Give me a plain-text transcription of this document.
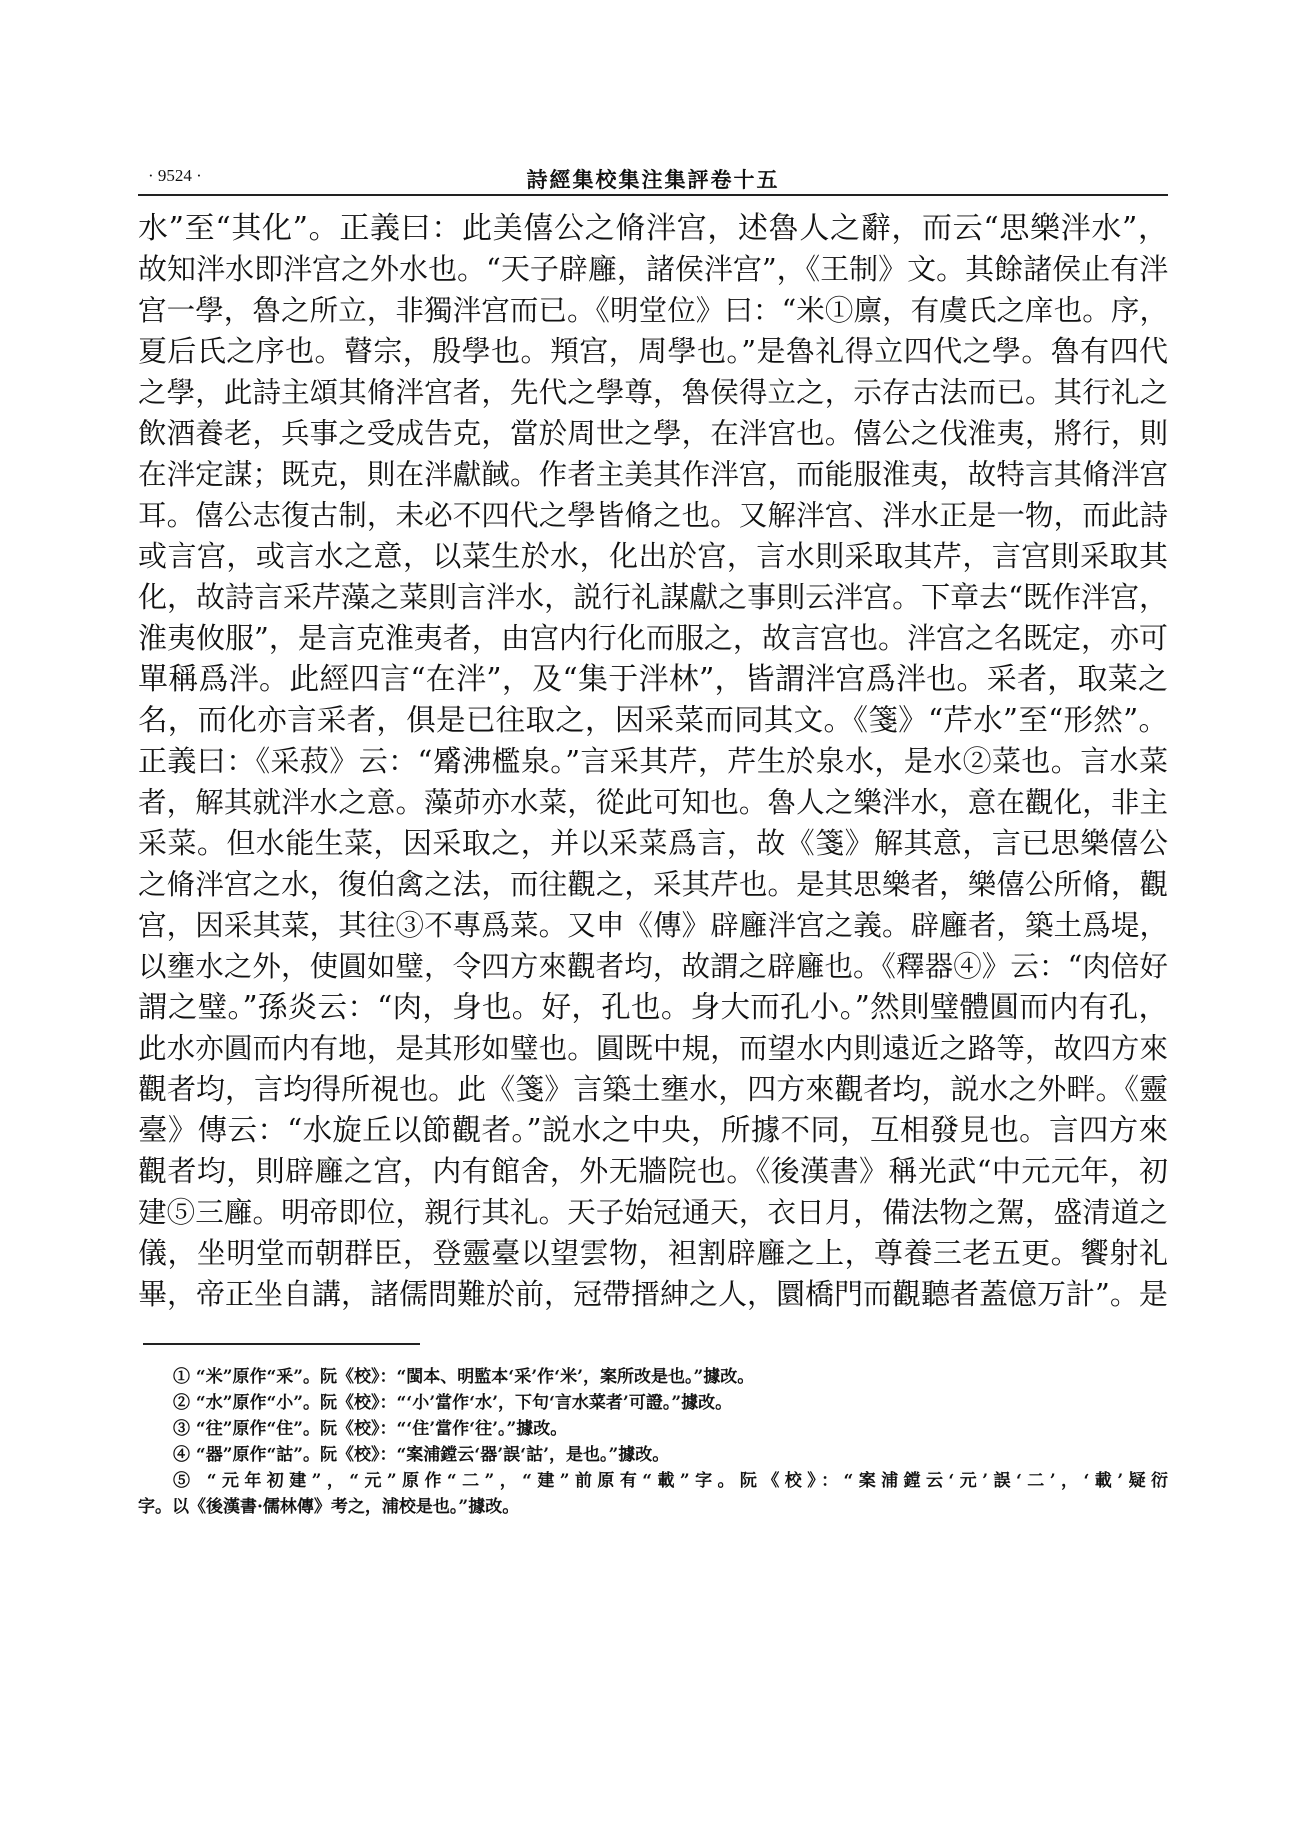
· 9524 ·	詩經集校集注集評卷十五
水”至“其化”。正義曰：此美僖公之脩泮宫，述魯人之辭，而云“思樂泮水”，
故知泮水即泮宫之外水也。“天子辟廱，諸侯泮宫”，《王制》文。其餘諸侯止有泮
宫一學，魯之所立，非獨泮宫而已。《明堂位》曰：“米①廪，有虞氏之庠也。序，
夏后氏之序也。瞽宗，殷學也。頖宫，周學也。”是魯礼得立四代之學。魯有四代
之學，此詩主頌其脩泮宫者，先代之學尊，魯侯得立之，示存古法而已。其行礼之
飲酒養老，兵事之受成告克，當於周世之學，在泮宫也。僖公之伐淮夷，將行，則
在泮定謀；既克，則在泮獻馘。作者主美其作泮宫，而能服淮夷，故特言其脩泮宫
耳。僖公志復古制，未必不四代之學皆脩之也。又解泮宫、泮水正是一物，而此詩
或言宫，或言水之意，以菜生於水，化出於宫，言水則采取其芹，言宫則采取其
化，故詩言采芹藻之菜則言泮水，説行礼謀獻之事則云泮宫。下章去“既作泮宫，
淮夷攸服”，是言克淮夷者，由宫内行化而服之，故言宫也。泮宫之名既定，亦可
單稱爲泮。此經四言“在泮”，及“集于泮林”，皆謂泮宫爲泮也。采者，取菜之
名，而化亦言采者，俱是已往取之，因采菜而同其文。《箋》“芹水”至“形然”。
正義曰：《采菽》云：“觱沸檻泉。”言采其芹，芹生於泉水，是水②菜也。言水菜
者，解其就泮水之意。藻茆亦水菜，從此可知也。魯人之樂泮水，意在觀化，非主
采菜。但水能生菜，因采取之，并以采菜爲言，故《箋》解其意，言已思樂僖公
之脩泮宫之水，復伯禽之法，而往觀之，采其芹也。是其思樂者，樂僖公所脩，觀
宫，因采其菜，其往③不專爲菜。又申《傳》辟廱泮宫之義。辟廱者，築土爲堤，
以壅水之外，使圓如璧，令四方來觀者均，故謂之辟廱也。《釋器④》云：“肉倍好
謂之璧。”孫炎云：“肉，身也。好，孔也。身大而孔小。”然則璧體圓而内有孔，
此水亦圓而内有地，是其形如璧也。圓既中規，而望水内則遠近之路等，故四方來
觀者均，言均得所視也。此《箋》言築土壅水，四方來觀者均，説水之外畔。《靈
臺》傳云：“水旋丘以節觀者。”説水之中央，所據不同，互相發見也。言四方來
觀者均，則辟廱之宫，内有館舍，外无牆院也。《後漢書》稱光武“中元元年，初
建⑤三廱。明帝即位，親行其礼。天子始冠通天，衣日月，備法物之駕，盛清道之
儀，坐明堂而朝群臣，登靈臺以望雲物，袒割辟廱之上，尊養三老五更。饗射礼
畢，帝正坐自講，諸儒問難於前，冠帶搢紳之人，圜橋門而觀聽者蓋億万計”。是
① “米”原作“釆”。阮《校》：“閩本、明監本‘采’作‘米’，案所改是也。”據改。
② “水”原作“小”。阮《校》：“‘小’當作‘水’，下句‘言水菜者’可證。”據改。
③ “往”原作“住”。阮《校》：“‘住’當作‘往’。”據改。
④ “器”原作“詁”。阮《校》：“案浦鏜云‘器’誤‘詁’，是也。”據改。
⑤ “元年初建”，“元”原作“二”，“建”前原有“載”字。阮《校》：“案浦鏜云‘元’誤‘二’，‘載’疑衍
字。以《後漢書·儒林傳》考之，浦校是也。”據改。
